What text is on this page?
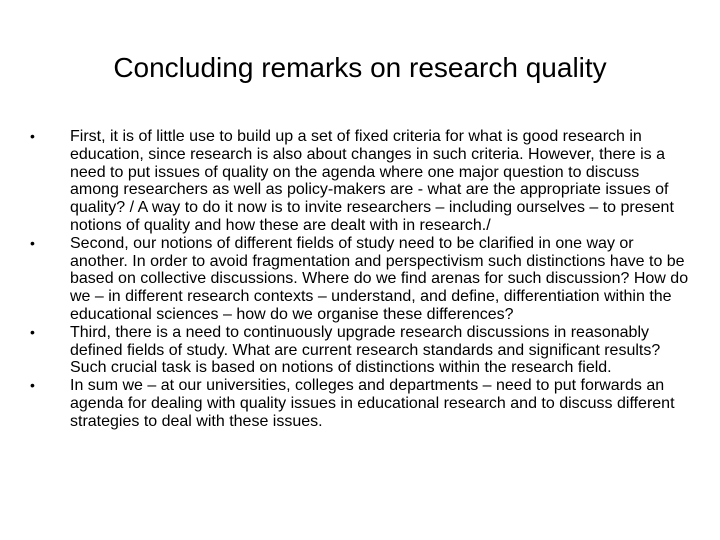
Concluding remarks on research quality
•	First, it is of little use to build up a set of fixed criteria for what is good research in education, since research is also about changes in such criteria. However, there is a need to put issues of quality on the agenda where one major question to discuss among researchers as well as policy-makers are - what are the appropriate issues of quality? / A way to do it now is to invite researchers – including ourselves – to present notions of quality and how these are dealt with in research./
•	Second, our notions of different fields of study need to be clarified in one way or another. In order to avoid fragmentation and perspectivism such distinctions have to be based on collective discussions. Where do we find arenas for such discussion? How do we – in different research contexts – understand, and define, differentiation within the educational sciences – how do we organise these differences?
•	Third, there is a need to continuously upgrade research discussions in reasonably defined fields of study. What are current research standards and significant results? Such crucial task is based on notions of distinctions within the research field.
•	In sum we – at our universities, colleges and departments – need to put forwards an agenda for dealing with quality issues in educational research and to discuss different strategies to deal with these issues.
